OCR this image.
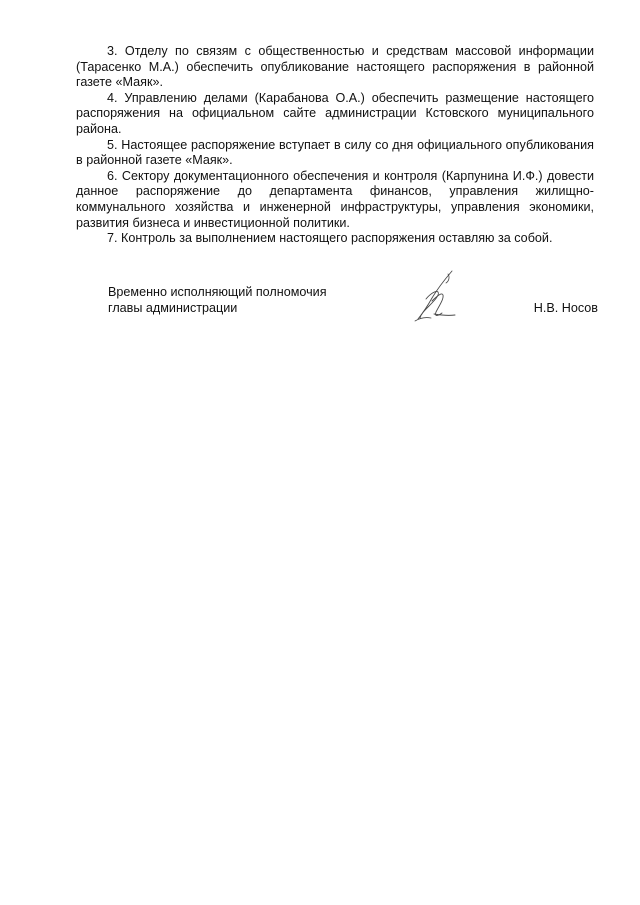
3. Отделу по связям с общественностью и средствам массовой информации (Тарасенко М.А.) обеспечить опубликование настоящего распоряжения в районной газете «Маяк».

4. Управлению делами (Карабанова О.А.) обеспечить размещение настоящего распоряжения на официальном сайте администрации Кстовского муниципального района.

5. Настоящее распоряжение вступает в силу со дня официального опубликования в районной газете «Маяк».

6. Сектору документационного обеспечения и контроля (Карпунина И.Ф.) довести данное распоряжение до департамента финансов, управления жилищно-коммунального хозяйства и инженерной инфраструктуры, управления экономики, развития бизнеса и инвестиционной политики.

7. Контроль за выполнением настоящего распоряжения оставляю за собой.

Временно исполняющий полномочия
главы администрации	Н.В. Носов
